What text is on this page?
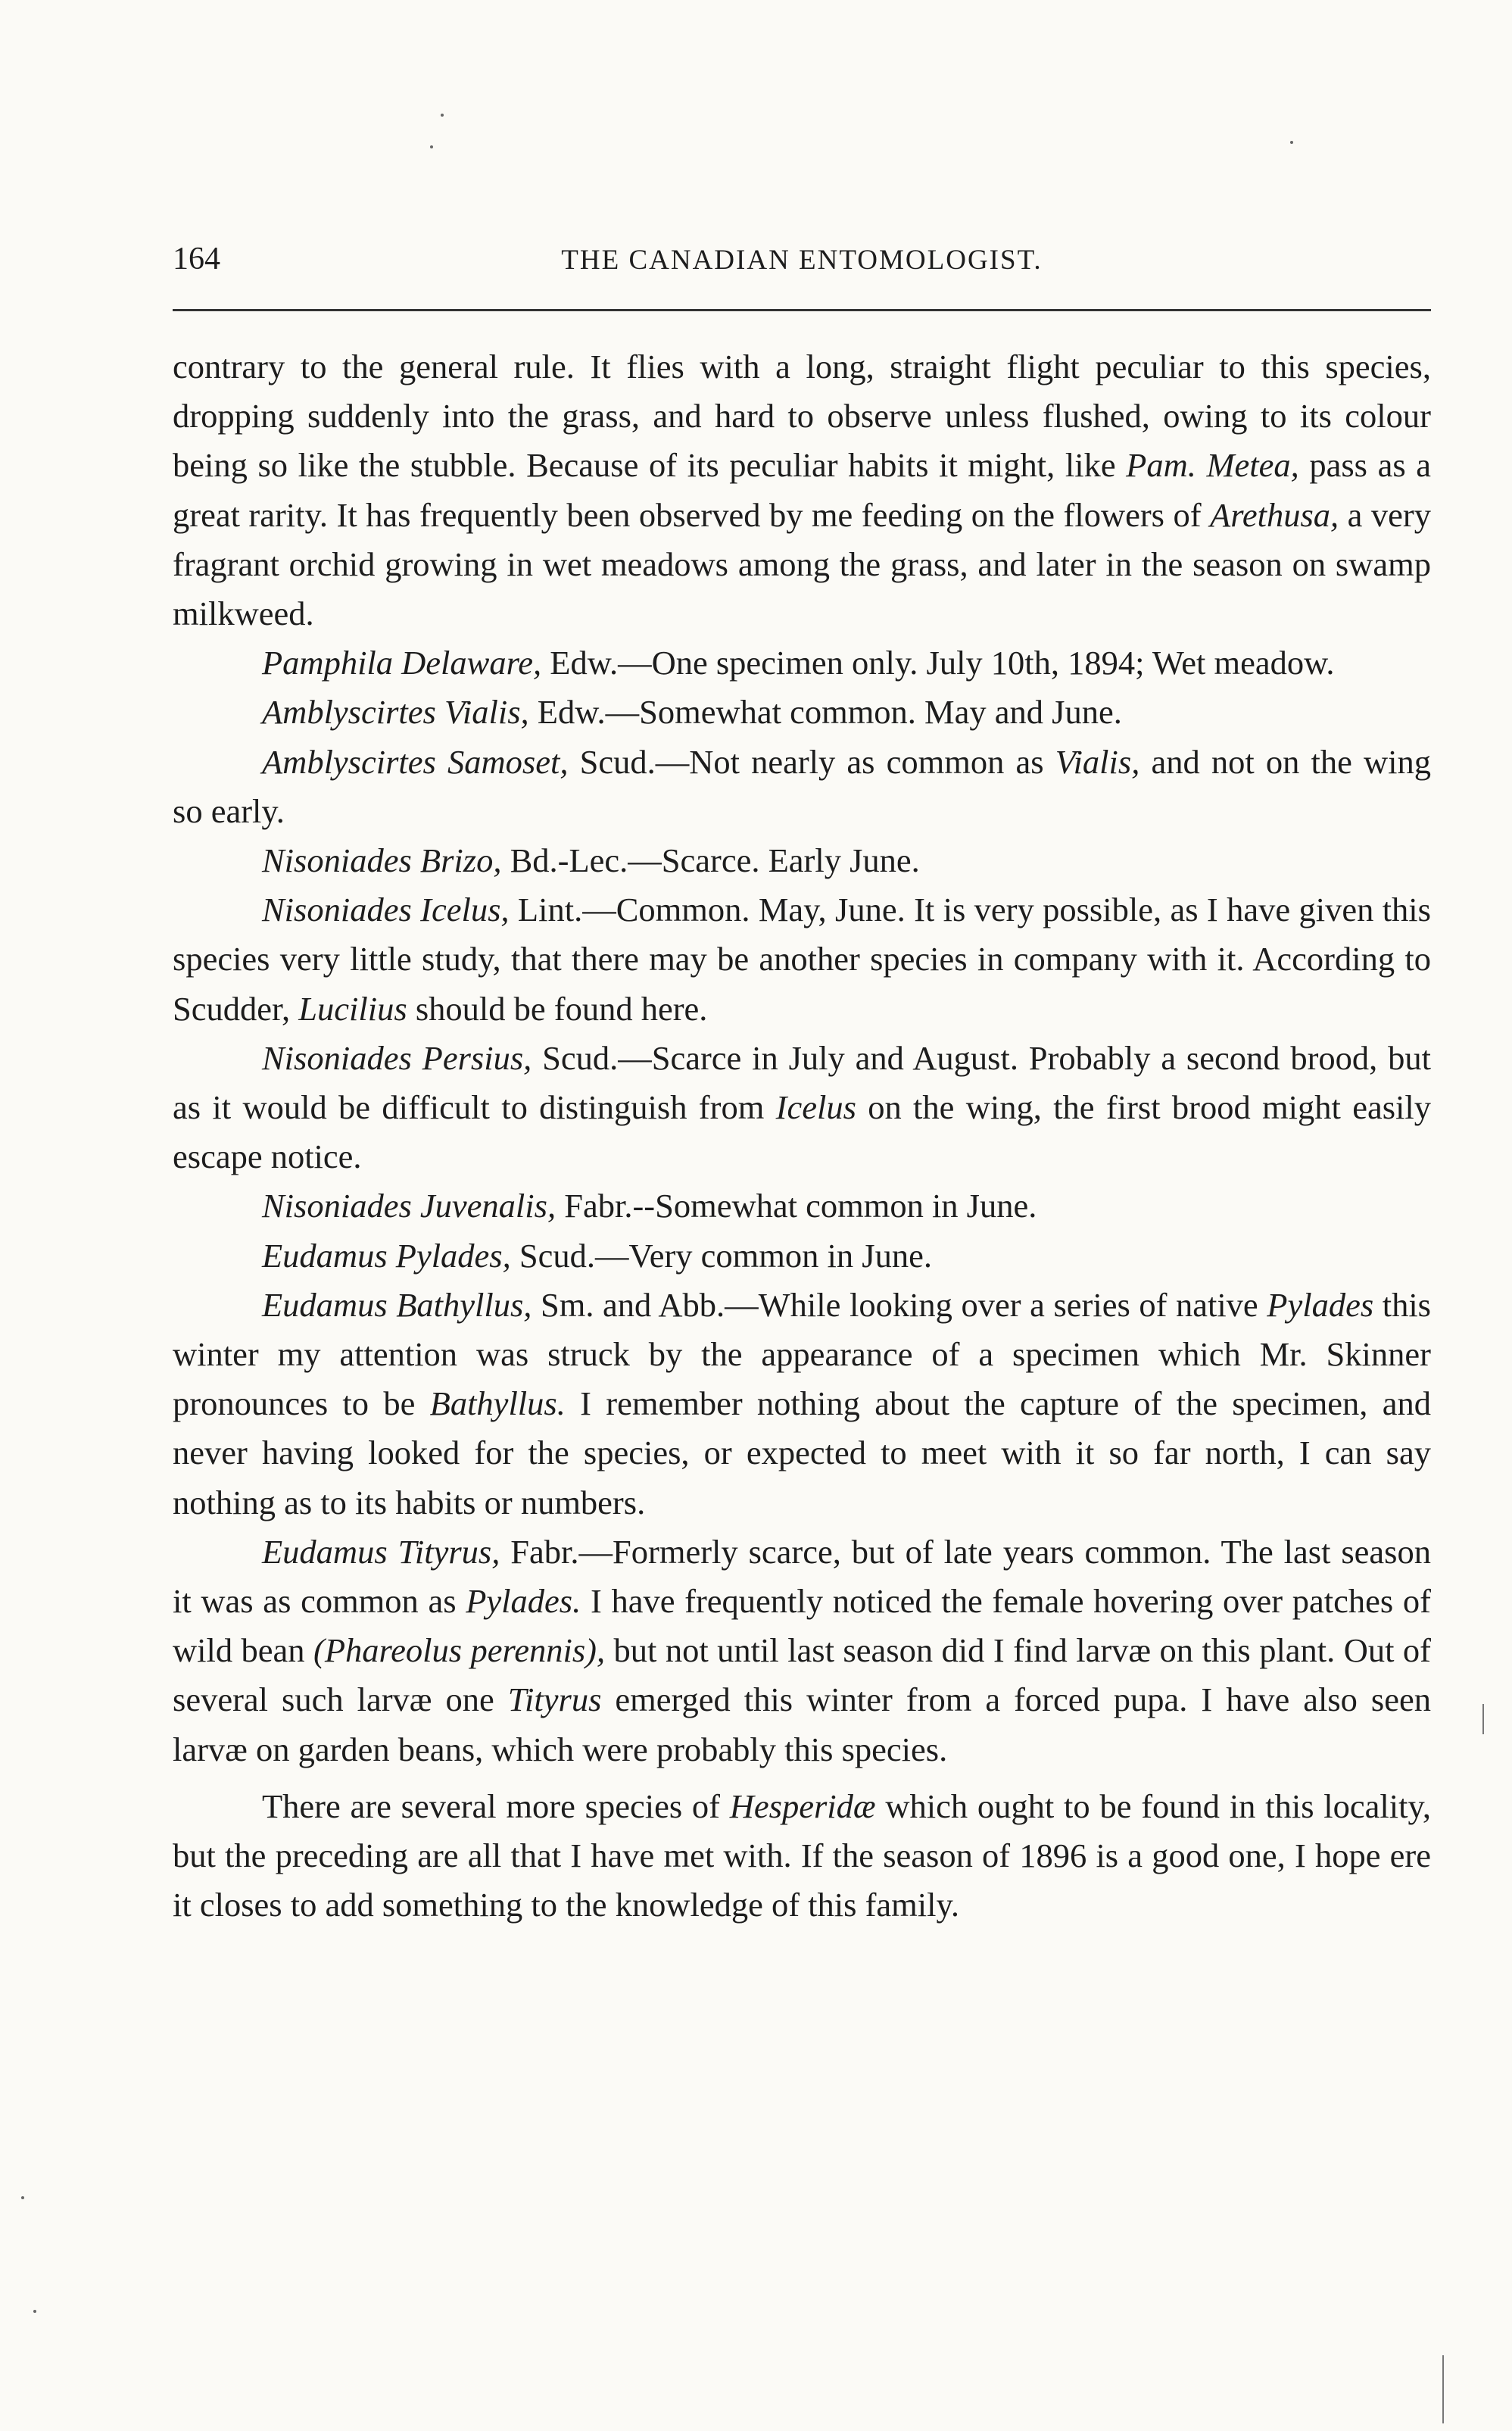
164	THE CANADIAN ENTOMOLOGIST.

contrary to the general rule. It flies with a long, straight flight peculiar to this species, dropping suddenly into the grass, and hard to observe unless flushed, owing to its colour being so like the stubble. Because of its peculiar habits it might, like Pam. Metea, pass as a great rarity. It has frequently been observed by me feeding on the flowers of Arethusa, a very fragrant orchid growing in wet meadows among the grass, and later in the season on swamp milkweed.

Pamphila Delaware, Edw.—One specimen only. July 10th, 1894; Wet meadow.

Amblyscirtes Vialis, Edw.—Somewhat common. May and June.

Amblyscirtes Samoset, Scud.—Not nearly as common as Vialis, and not on the wing so early.

Nisoniades Brizo, Bd.-Lec.—Scarce. Early June.

Nisoniades Icelus, Lint.—Common. May, June. It is very possible, as I have given this species very little study, that there may be another species in company with it. According to Scudder, Lucilius should be found here.

Nisoniades Persius, Scud.—Scarce in July and August. Probably a second brood, but as it would be difficult to distinguish from Icelus on the wing, the first brood might easily escape notice.

Nisoniades Juvenalis, Fabr.--Somewhat common in June.

Eudamus Pylades, Scud.—Very common in June.

Eudamus Bathyllus, Sm. and Abb.—While looking over a series of native Pylades this winter my attention was struck by the appearance of a specimen which Mr. Skinner pronounces to be Bathyllus. I remember nothing about the capture of the specimen, and never having looked for the species, or expected to meet with it so far north, I can say nothing as to its habits or numbers.

Eudamus Tityrus, Fabr.—Formerly scarce, but of late years common. The last season it was as common as Pylades. I have frequently noticed the female hovering over patches of wild bean (Phareolus perennis), but not until last season did I find larvæ on this plant. Out of several such larvæ one Tityrus emerged this winter from a forced pupa. I have also seen larvæ on garden beans, which were probably this species.

There are several more species of Hesperidæ which ought to be found in this locality, but the preceding are all that I have met with. If the season of 1896 is a good one, I hope ere it closes to add something to the knowledge of this family.
